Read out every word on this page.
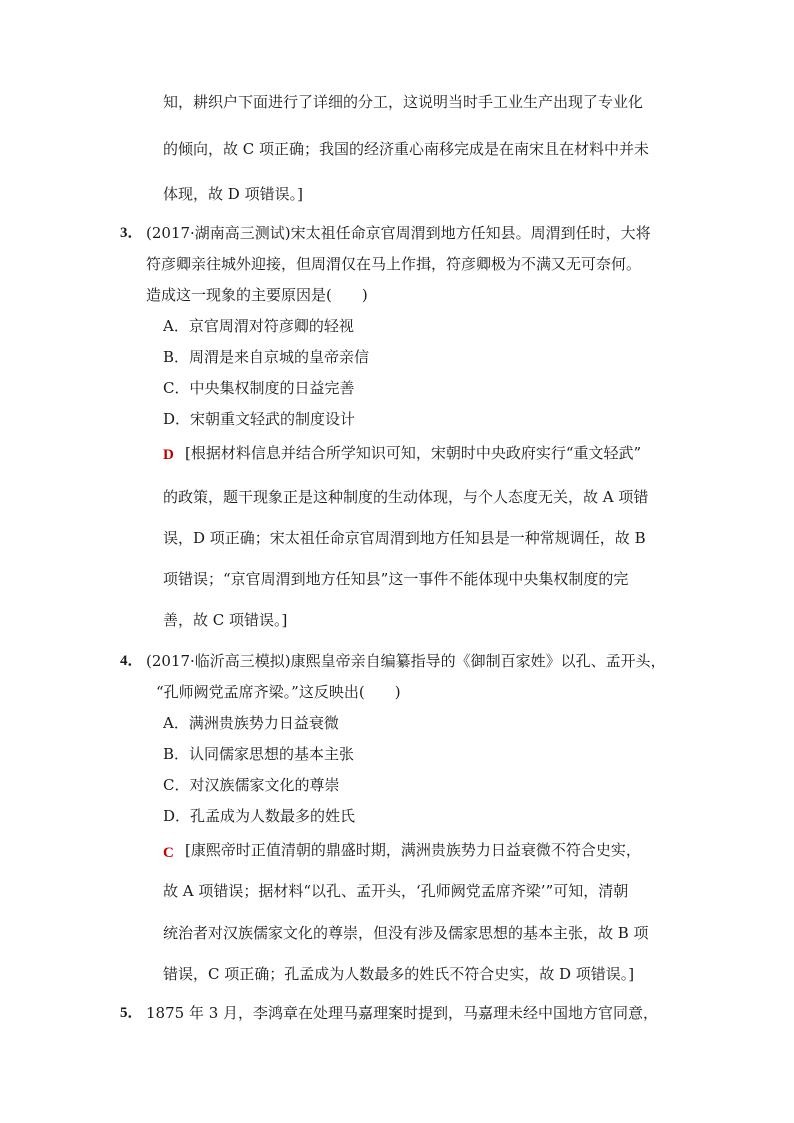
知，耕织户下面进行了详细的分工，这说明当时手工业生产出现了专业化
的倾向，故 C 项正确；我国的经济重心南移完成是在南宋且在材料中并未
体现，故 D 项错误。]
3． (2017·湖南高三测试)宋太祖任命京官周渭到地方任知县。周渭到任时，大将
符彦卿亲往城外迎接，但周渭仅在马上作揖，符彦卿极为不满又无可奈何。
造成这一现象的主要原因是(　　)
A．京官周渭对符彦卿的轻视
B．周渭是来自京城的皇帝亲信
C．中央集权制度的日益完善
D．宋朝重文轻武的制度设计
D [根据材料信息并结合所学知识可知，宋朝时中央政府实行“重文轻武”
的政策，题干现象正是这种制度的生动体现，与个人态度无关，故 A 项错
误，D 项正确；宋太祖任命京官周渭到地方任知县是一种常规调任，故 B
项错误；“京官周渭到地方任知县”这一事件不能体现中央集权制度的完
善，故 C 项错误。]
4． (2017·临沂高三模拟)康熙皇帝亲自编纂指导的《御制百家姓》以孔、孟开头，
“孔师阙党孟席齐梁。”这反映出(　　)
A．满洲贵族势力日益衰微
B．认同儒家思想的基本主张
C．对汉族儒家文化的尊崇
D．孔孟成为人数最多的姓氏
C [康熙帝时正值清朝的鼎盛时期，满洲贵族势力日益衰微不符合史实，
故 A 项错误；据材料“以孔、孟开头，‘孔师阙党孟席齐梁’”可知，清朝
统治者对汉族儒家文化的尊崇，但没有涉及儒家思想的基本主张，故 B 项
错误，C 项正确；孔孟成为人数最多的姓氏不符合史实，故 D 项错误。]
5． 1875 年 3 月，李鸿章在处理马嘉理案时提到，马嘉理未经中国地方官同意，
